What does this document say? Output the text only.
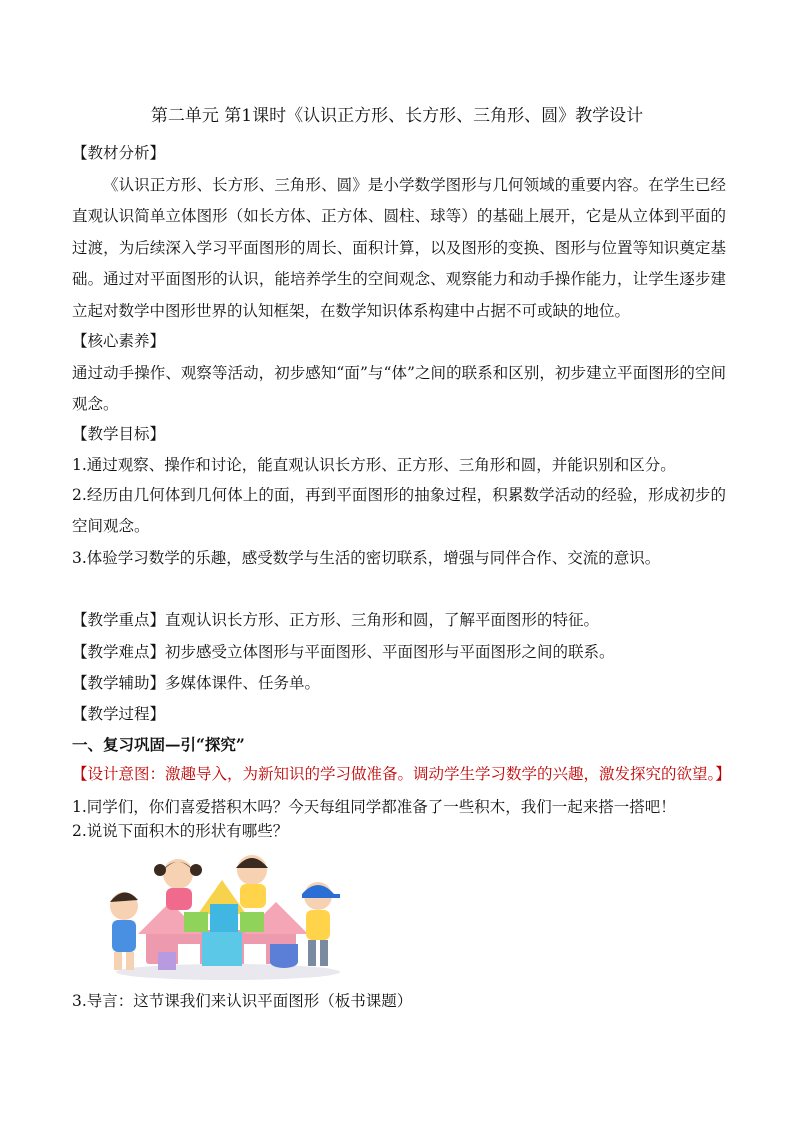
第二单元 第1课时《认识正方形、长方形、三角形、圆》教学设计
【教材分析】
《认识正方形、长方形、三角形、圆》是小学数学图形与几何领域的重要内容。在学生已经直观认识简单立体图形（如长方体、正方体、圆柱、球等）的基础上展开，它是从立体到平面的过渡，为后续深入学习平面图形的周长、面积计算，以及图形的变换、图形与位置等知识奠定基础。通过对平面图形的认识，能培养学生的空间观念、观察能力和动手操作能力，让学生逐步建立起对数学中图形世界的认知框架，在数学知识体系构建中占据不可或缺的地位。
【核心素养】
通过动手操作、观察等活动，初步感知“面”与“体”之间的联系和区别，初步建立平面图形的空间观念。
【教学目标】
1.通过观察、操作和讨论，能直观认识长方形、正方形、三角形和圆，并能识别和区分。
2.经历由几何体到几何体上的面，再到平面图形的抽象过程，积累数学活动的经验，形成初步的空间观念。
3.体验学习数学的乐趣，感受数学与生活的密切联系，增强与同伴合作、交流的意识。
【教学重点】直观认识长方形、正方形、三角形和圆，了解平面图形的特征。
【教学难点】初步感受立体图形与平面图形、平面图形与平面图形之间的联系。
【教学辅助】多媒体课件、任务单。
【教学过程】
一、复习巩固—引“探究”
【设计意图：激趣导入，为新知识的学习做准备。调动学生学习数学的兴趣，激发探究的欲望。】
1.同学们，你们喜爱搭积木吗？今天每组同学都准备了一些积木，我们一起来搭一搭吧！
2.说说下面积木的形状有哪些？
3.导言：这节课我们来认识平面图形（板书课题）
